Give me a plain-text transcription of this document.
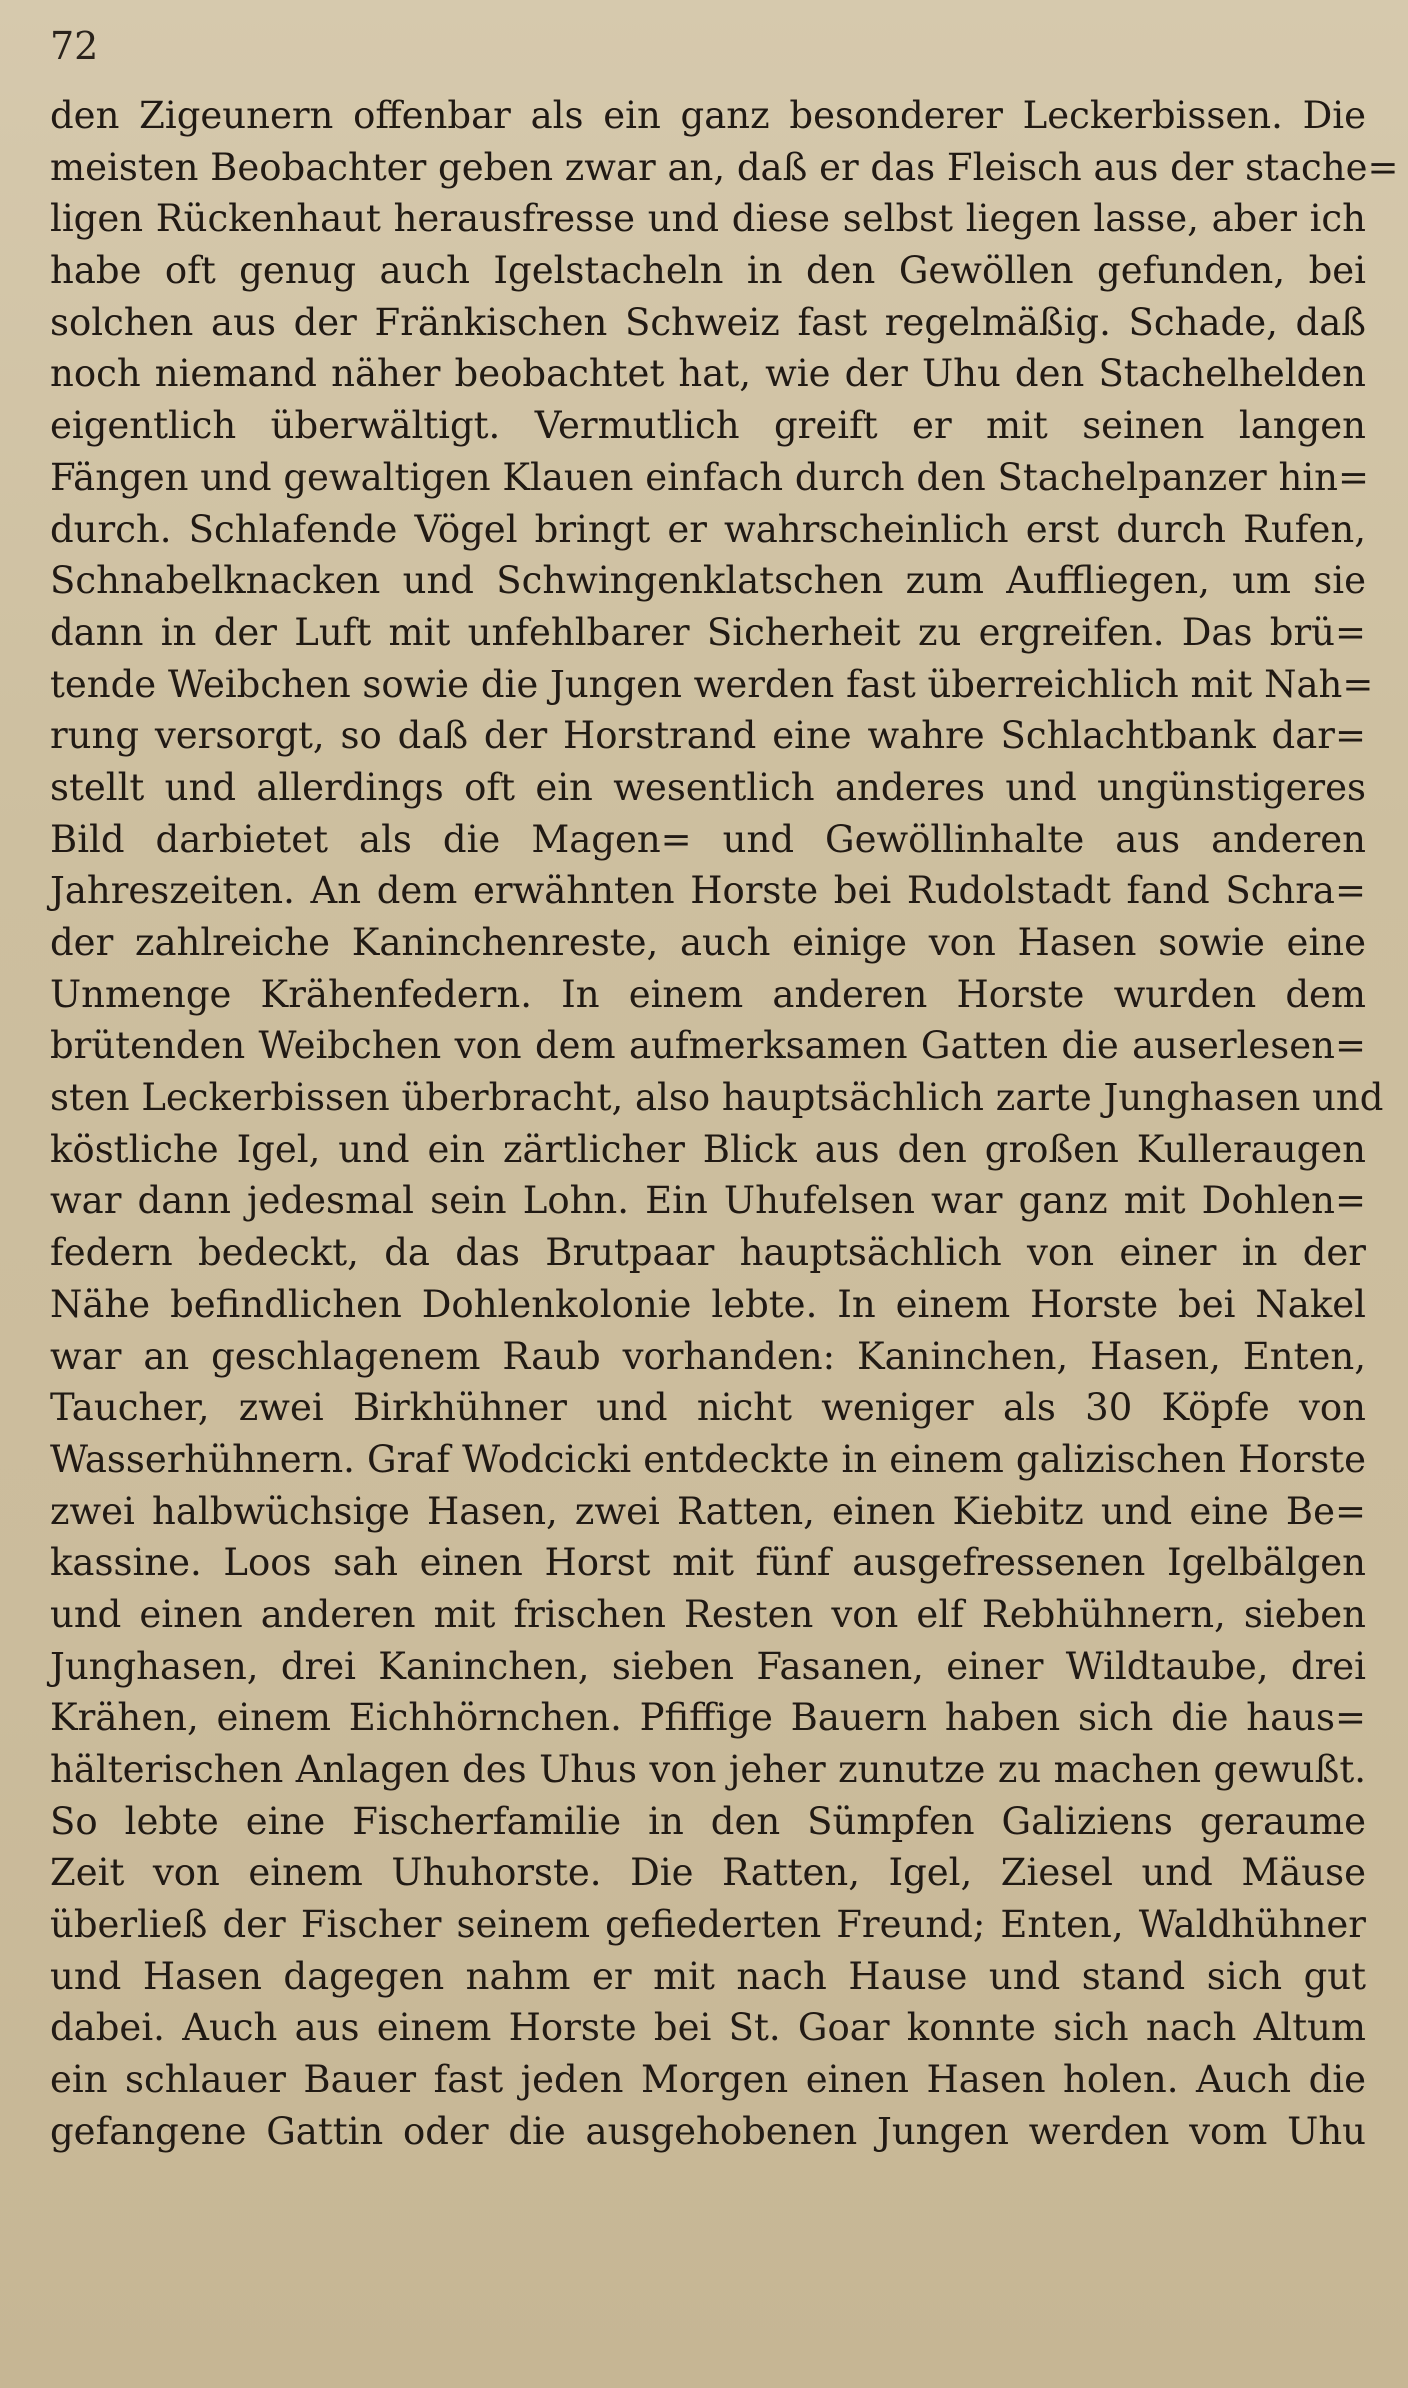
72
den Zigeunern offenbar als ein ganz besonderer Leckerbissen. Die
meisten Beobachter geben zwar an, daß er das Fleisch aus der stache=
ligen Rückenhaut herausfresse und diese selbst liegen lasse, aber ich
habe oft genug auch Igelstacheln in den Gewöllen gefunden, bei
solchen aus der Fränkischen Schweiz fast regelmäßig. Schade, daß
noch niemand näher beobachtet hat, wie der Uhu den Stachelhelden
eigentlich überwältigt. Vermutlich greift er mit seinen langen
Fängen und gewaltigen Klauen einfach durch den Stachelpanzer hin=
durch. Schlafende Vögel bringt er wahrscheinlich erst durch Rufen,
Schnabelknacken und Schwingenklatschen zum Auffliegen, um sie
dann in der Luft mit unfehlbarer Sicherheit zu ergreifen. Das brü=
tende Weibchen sowie die Jungen werden fast überreichlich mit Nah=
rung versorgt, so daß der Horstrand eine wahre Schlachtbank dar=
stellt und allerdings oft ein wesentlich anderes und ungünstigeres
Bild darbietet als die Magen= und Gewöllinhalte aus anderen
Jahreszeiten. An dem erwähnten Horste bei Rudolstadt fand Schra=
der zahlreiche Kaninchenreste, auch einige von Hasen sowie eine
Unmenge Krähenfedern. In einem anderen Horste wurden dem
brütenden Weibchen von dem aufmerksamen Gatten die auserlesen=
sten Leckerbissen überbracht, also hauptsächlich zarte Junghasen und
köstliche Igel, und ein zärtlicher Blick aus den großen Kulleraugen
war dann jedesmal sein Lohn. Ein Uhufelsen war ganz mit Dohlen=
federn bedeckt, da das Brutpaar hauptsächlich von einer in der
Nähe befindlichen Dohlenkolonie lebte. In einem Horste bei Nakel
war an geschlagenem Raub vorhanden: Kaninchen, Hasen, Enten,
Taucher, zwei Birkhühner und nicht weniger als 30 Köpfe von
Wasserhühnern. Graf Wodcicki entdeckte in einem galizischen Horste
zwei halbwüchsige Hasen, zwei Ratten, einen Kiebitz und eine Be=
kassine. Loos sah einen Horst mit fünf ausgefressenen Igelbälgen
und einen anderen mit frischen Resten von elf Rebhühnern, sieben
Junghasen, drei Kaninchen, sieben Fasanen, einer Wildtaube, drei
Krähen, einem Eichhörnchen. Pfiffige Bauern haben sich die haus=
hälterischen Anlagen des Uhus von jeher zunutze zu machen gewußt.
So lebte eine Fischerfamilie in den Sümpfen Galiziens geraume
Zeit von einem Uhuhorste. Die Ratten, Igel, Ziesel und Mäuse
überließ der Fischer seinem gefiederten Freund; Enten, Waldhühner
und Hasen dagegen nahm er mit nach Hause und stand sich gut
dabei. Auch aus einem Horste bei St. Goar konnte sich nach Altum
ein schlauer Bauer fast jeden Morgen einen Hasen holen. Auch die
gefangene Gattin oder die ausgehobenen Jungen werden vom Uhu
